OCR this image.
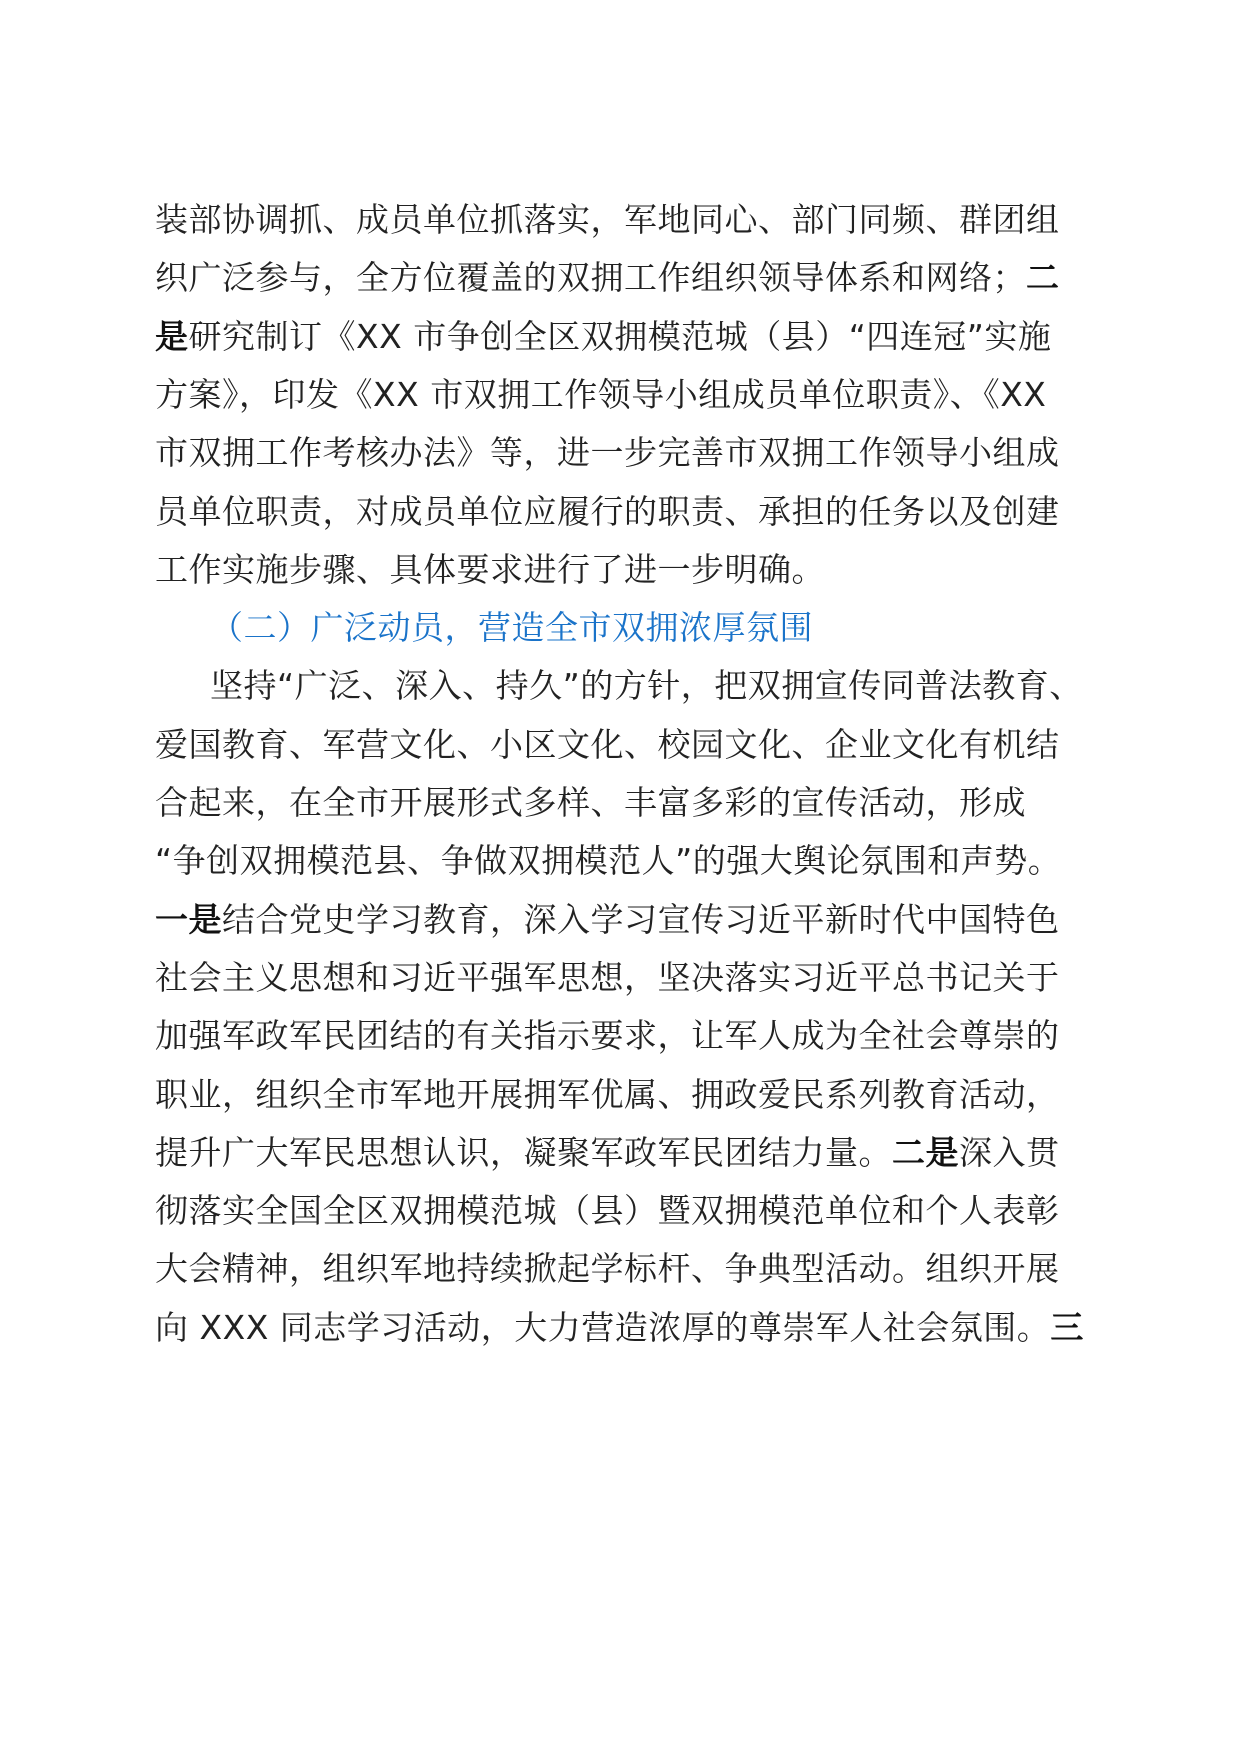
装部协调抓、成员单位抓落实，军地同心、部门同频、群团组
织广泛参与，全方位覆盖的双拥工作组织领导体系和网络；二
是研究制订《XX 市争创全区双拥模范城（县）“四连冠”实施
方案》，印发《XX 市双拥工作领导小组成员单位职责》、《XX
市双拥工作考核办法》等，进一步完善市双拥工作领导小组成
员单位职责，对成员单位应履行的职责、承担的任务以及创建
工作实施步骤、具体要求进行了进一步明确。
（二）广泛动员，营造全市双拥浓厚氛围
坚持“广泛、深入、持久”的方针，把双拥宣传同普法教育、
爱国教育、军营文化、小区文化、校园文化、企业文化有机结
合起来，在全市开展形式多样、丰富多彩的宣传活动，形成
“争创双拥模范县、争做双拥模范人”的强大舆论氛围和声势。
一是结合党史学习教育，深入学习宣传习近平新时代中国特色
社会主义思想和习近平强军思想，坚决落实习近平总书记关于
加强军政军民团结的有关指示要求，让军人成为全社会尊崇的
职业，组织全市军地开展拥军优属、拥政爱民系列教育活动，
提升广大军民思想认识，凝聚军政军民团结力量。二是深入贯
彻落实全国全区双拥模范城（县）暨双拥模范单位和个人表彰
大会精神，组织军地持续掀起学标杆、争典型活动。组织开展
向 XXX 同志学习活动，大力营造浓厚的尊崇军人社会氛围。三
